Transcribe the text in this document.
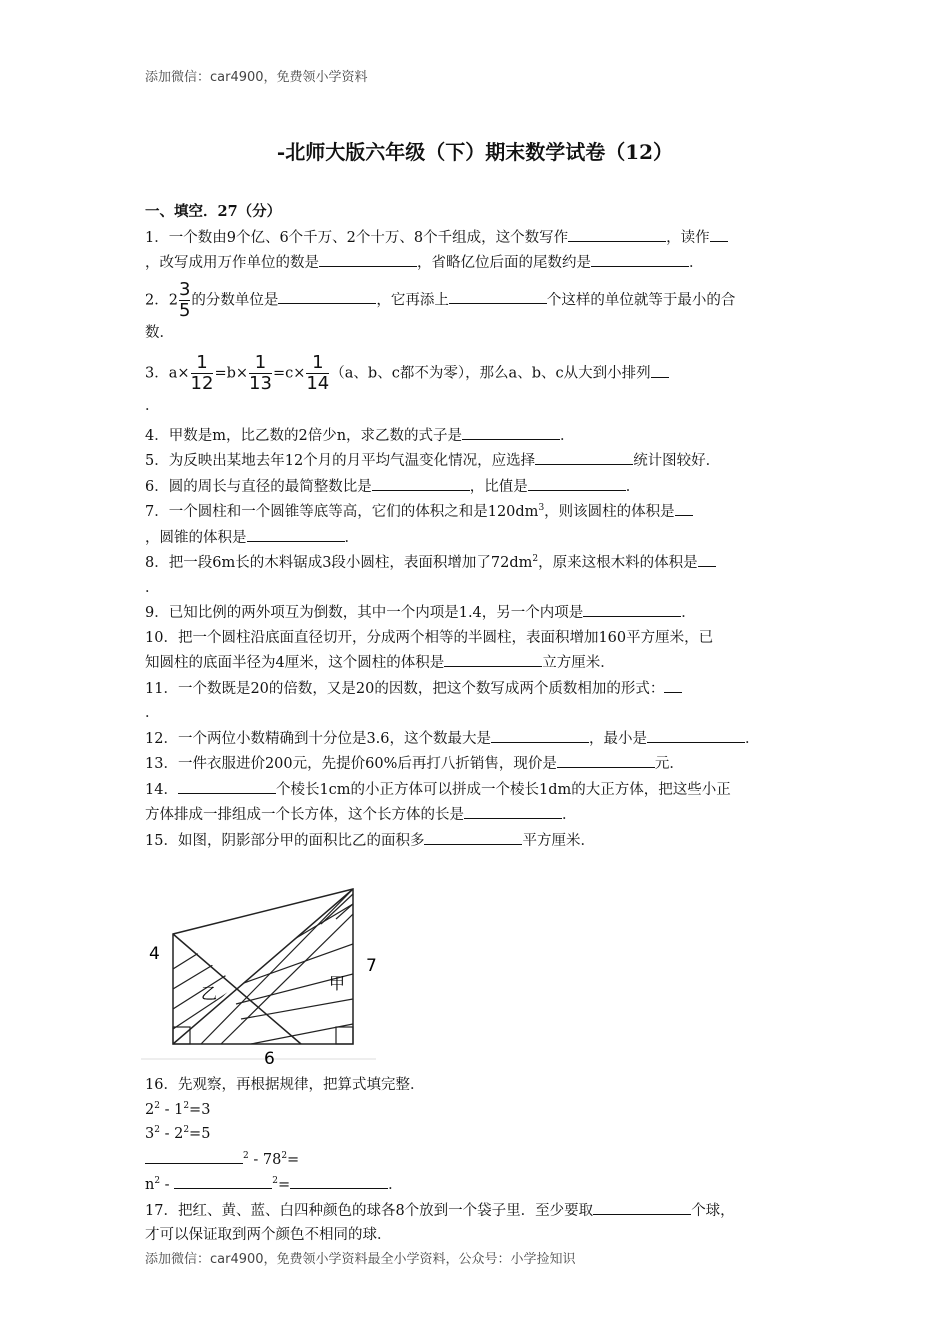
添加微信：car4900，免费领小学资料
-北师大版六年级（下）期末数学试卷（12）

一、填空．27（分）

1．一个数由9个亿、6个千万、2个十万、8个千组成，这个数写作	，读作
，改写成用万作单位的数是	，省略亿位后面的尾数约是	．

2．$2 \frac{3}{5}$ 的分数单位是	，它再添上	个这样的单位就等于最小的合
数．

3．$a\times \frac{1}{12} =b\times \frac{1}{13} =c\times \frac{1}{14} (a$、b、c都不为零），那么a、b、c从大到小排列
．

4．甲数是m，比乙数的2倍少n，求乙数的式子是	．

5．为反映出某地去年12个月的月平均气温变化情况，应选择	统计图较好．

6．圆的周长与直径的最简整数比是	，比值是	．

7．一个圆柱和一个圆锥等底等高，它们的体积之和是$120dm^3$，则该圆柱的体积是
，圆锥的体积是	．

8．把一段6m长的木料锯成3段小圆柱，表面积增加了$72dm^2$，原来这根木料的体积是
．

9．已知比例的两外项互为倒数，其中一个内项是1.4，另一个内项是	．

10．把一个圆柱沿底面直径切开，分成两个相等的半圆柱，表面积增加160平方厘米，已
知圆柱的底面半径为4厘米，这个圆柱的体积是	立方厘米．

11．一个数既是20的倍数，又是20的因数，把这个数写成两个质数相加的形式：
．

12．一个两位小数精确到十分位是3.6，这个数最大是	，最小是	．

13．一件衣服进价200元，先提价60%后再打八折销售，现价是	元．

14．	个棱长1cm的小正方体可以拼成一个棱长1dm的大正方体，把这些小正
方体排成一排组成一个长方体，这个长方体的长是	．

15．如图，阴影部分甲的面积比乙的面积多	平方厘米．

4
7
6
乙
甲

16．先观察，再根据规律，把算式填完整．

$2^2 - 1^2=3$

$3^2 - 2^2=5$

$^2 - 78^2=$

$n^2$ -	$^2$=	．

17．把红、黄、蓝、白四种颜色的球各8个放到一个袋子里．至少要取	个球，
才可以保证取到两个颜色不相同的球．

添加微信：car4900，免费领小学资料最全小学资料，公众号：小学捡知识
